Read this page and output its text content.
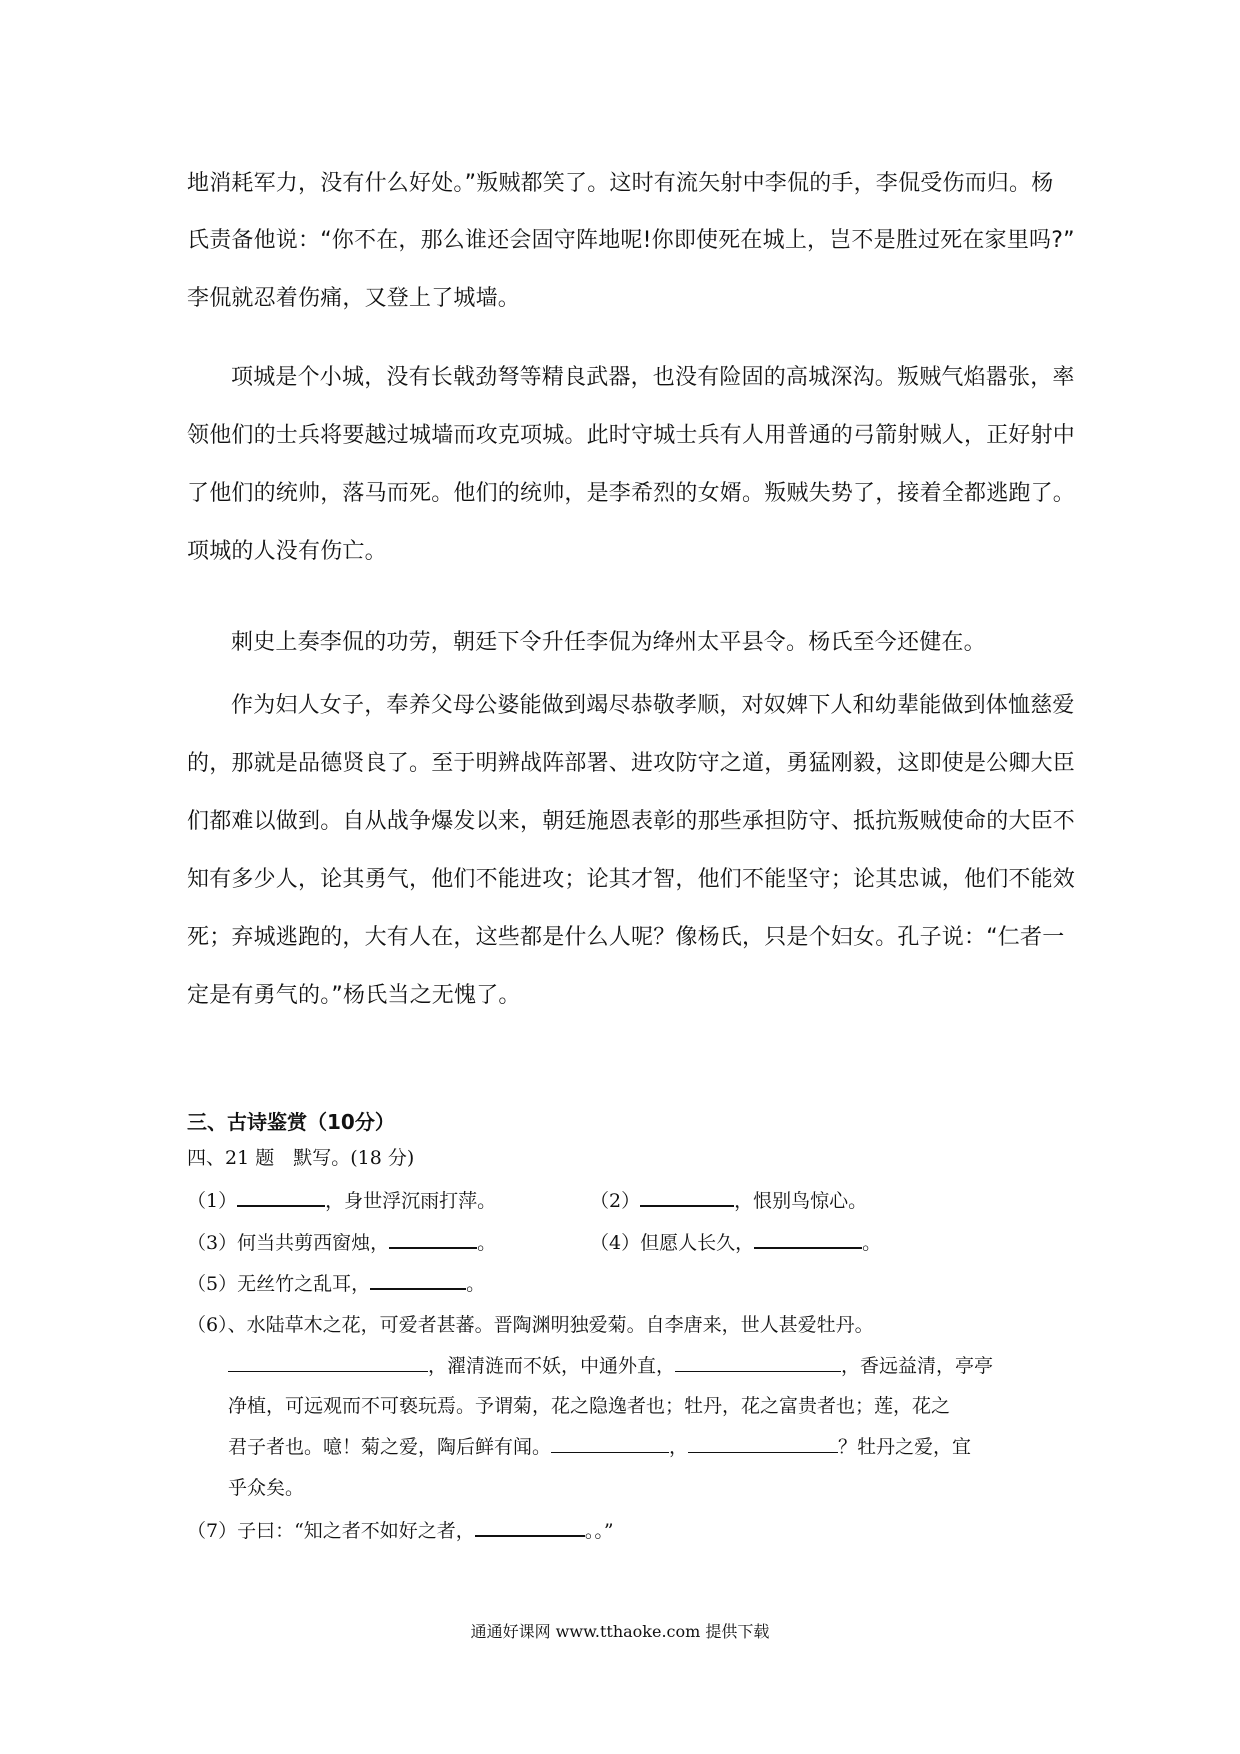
地消耗军力，没有什么好处。”叛贼都笑了。这时有流矢射中李侃的手，李侃受伤而归。杨
氏责备他说：“你不在，那么谁还会固守阵地呢!你即使死在城上，岂不是胜过死在家里吗?”
李侃就忍着伤痛，又登上了城墙。
项城是个小城，没有长戟劲弩等精良武器，也没有险固的高城深沟。叛贼气焰嚣张，率
领他们的士兵将要越过城墙而攻克项城。此时守城士兵有人用普通的弓箭射贼人，正好射中
了他们的统帅，落马而死。他们的统帅，是李希烈的女婿。叛贼失势了，接着全都逃跑了。
项城的人没有伤亡。
刺史上奏李侃的功劳，朝廷下令升任李侃为绛州太平县令。杨氏至今还健在。
作为妇人女子，奉养父母公婆能做到竭尽恭敬孝顺，对奴婢下人和幼辈能做到体恤慈爱
的，那就是品德贤良了。至于明辨战阵部署、进攻防守之道，勇猛刚毅，这即使是公卿大臣
们都难以做到。自从战争爆发以来，朝廷施恩表彰的那些承担防守、抵抗叛贼使命的大臣不
知有多少人，论其勇气，他们不能进攻；论其才智，他们不能坚守；论其忠诚，他们不能效
死；弃城逃跑的，大有人在，这些都是什么人呢？像杨氏，只是个妇女。孔子说：“仁者一
定是有勇气的。”杨氏当之无愧了。
三、古诗鉴赏（10分）
四、21 题　默写。(18 分)
（1）	，身世浮沉雨打萍。	（2）	，恨别鸟惊心。
（3）何当共剪西窗烛，	。	（4）但愿人长久，	。
（5）无丝竹之乱耳，	。
（6）、水陆草木之花，可爱者甚蕃。晋陶渊明独爱菊。自李唐来，世人甚爱牡丹。
，濯清涟而不妖，中通外直，	，香远益清，亭亭
净植，可远观而不可亵玩焉。予谓菊，花之隐逸者也；牡丹，花之富贵者也；莲，花之
君子者也。噫！菊之爱，陶后鲜有闻。	，	？牡丹之爱，宜
乎众矣。
（7）子曰：“知之者不如好之者，	。。”
通通好课网 www.tthaoke.com 提供下载
